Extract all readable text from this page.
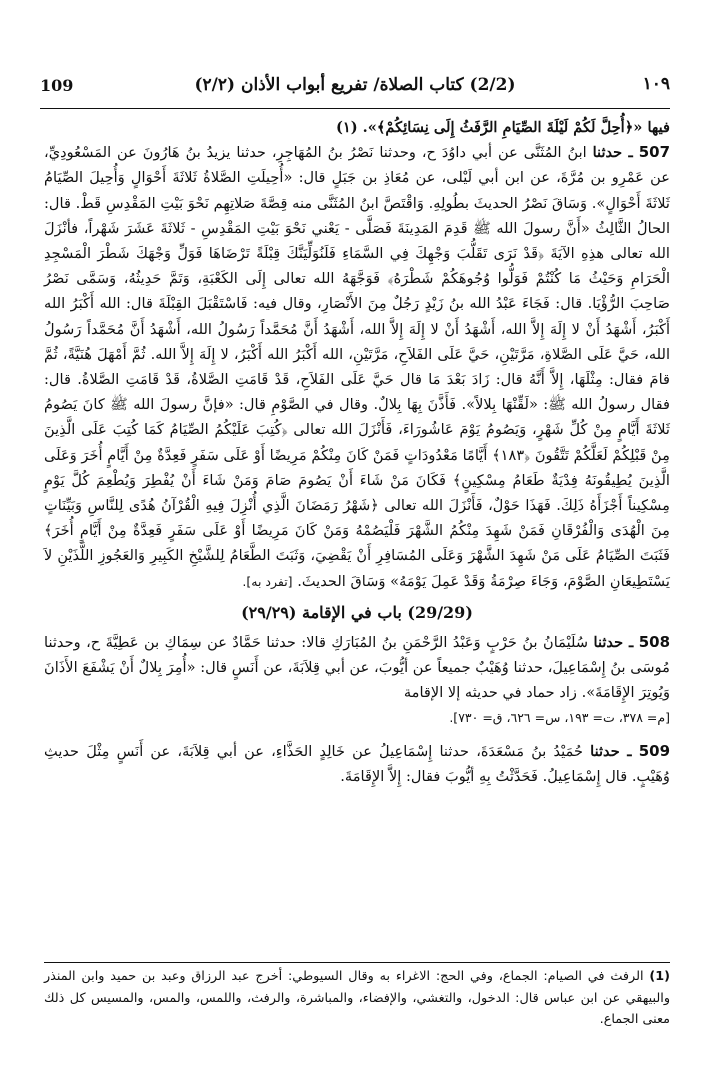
109	(2/2) كتاب الصلاة/ تفريع أبواب الأذان (٢/٢)	١٠٩

فيها «﴿أُحِلَّ لَكُمْ لَيْلَةَ الصِّيَامِ الرَّفَثُ إِلَى نِسَائِكُمْ﴾». (١)

507 ـ حدثنا ابنُ المُثَنَّى عن أبي داوُدَ ح، وحدثنا نَصْرُ بنُ المُهَاجِرِ، حدثنا يزيدُ بنُ هَارُونَ عن المَسْعُودِيِّ، عن عَمْرِو بن مُرَّةَ، عن ابن أبي لَيْلى، عن مُعَاذِ بن جَبَلٍ قال: «أُحِيلَتِ الصَّلاةُ ثَلاثَةَ أَحْوَالٍ وَأُحِيلَ الصِّيَامُ ثَلاثَةَ أَحْوَالٍ». وَسَاقَ نَصْرُ الحديثَ بطُولِهِ. وَاقْتَصَّ ابنُ المُثَنَّى منه قِصَّةَ صَلاتِهِم نَحْوَ بَيْتِ المَقْدِسِ قَطْ. قال: الحالُ الثَّالِثُ «أَنَّ رسولَ الله ﷺ قَدِمَ المَدِينَةَ فَصَلَّى - يَعْني نَحْوَ بَيْتِ المَقْدِسِ - ثَلاثَةَ عَشَرَ شَهْراً، فأنْزَلَ الله تعالى هذِهِ الآيَةَ ﴿قَدْ نَرَى تَقَلُّبَ وَجْهِكَ فِي السَّمَاءِ فَلَنُوَلِّيَنَّكَ قِبْلَةً تَرْضَاهَا فَوَلِّ وَجْهَكَ شَطْرَ الْمَسْجِدِ الْحَرَامِ وَحَيْثُ مَا كُنْتُمْ فَوَلُّوا وُجُوهَكُمْ شَطْرَهُ﴾ فَوَجَّهَهُ الله تعالى إِلَى الكَعْبَةِ، وَتَمَّ حَدِيثُهُ، وَسَمَّى نَصْرُ صَاحِبَ الرُّؤْيَا. قال: فَجَاءَ عَبْدُ الله بنُ زَيْدٍ رَجُلٌ مِنَ الأَنْصَارِ، وقال فيه: فَاسْتَقْبَلَ القِبْلَةَ قال: الله أَكْبَرُ الله أَكْبَرُ، أَشْهَدُ أَنْ لا إِلَهَ إِلاَّ الله، أَشْهَدُ أَنْ لا إِلَهَ إِلاَّ الله، أَشْهَدُ أَنَّ مُحَمَّداً رَسُولُ الله، أَشْهَدُ أَنَّ مُحَمَّداً رَسُولُ الله، حَيَّ عَلَى الصَّلاةِ، مَرَّتَيْنِ، حَيَّ عَلَى الفَلاَحِ، مَرَّتَيْنِ، الله أَكْبَرُ الله أَكْبَرُ، لا إِلَهَ إِلاَّ الله. ثُمَّ أَمْهَلَ هُنَيَّةً، ثُمَّ قامَ فقال: مِثْلَهَا، إِلاَّ أَنَّهُ قال: زَادَ بَعْدَ مَا قال حَيَّ عَلَى الفَلاَحِ، قَدْ قَامَتِ الصَّلاةُ، قَدْ قَامَتِ الصَّلاةُ. قال: فقال رسولُ الله ﷺ: «لَقِّنْهَا بِلالاً». فَأَذَّنَ بِهَا بِلالٌ. وقال في الصَّوْمِ قال: «فإنَّ رسولَ الله ﷺ كانَ يَصُومُ ثَلاثَةَ أَيَّامٍ مِنْ كُلِّ شَهْرٍ، وَيَصُومُ يَوْمَ عَاشُورَاءَ، فَأَنْزَلَ الله تعالى ﴿كُتِبَ عَلَيْكُمُ الصِّيَامُ كَمَا كُتِبَ عَلَى الَّذِينَ مِنْ قَبْلِكُمْ لَعَلَّكُمْ تَتَّقُونَ ﴿١٨٣﴾ أَيَّامًا مَعْدُودَاتٍ فَمَنْ كَانَ مِنْكُمْ مَرِيضًا أَوْ عَلَى سَفَرٍ فَعِدَّةٌ مِنْ أَيَّامٍ أُخَرَ وَعَلَى الَّذِينَ يُطِيقُونَهُ فِدْيَةٌ طَعَامُ مِسْكِينٍ﴾ فَكَانَ مَنْ شَاءَ أَنْ يَصُومَ صَامَ وَمَنْ شَاءَ أَنْ يُفْطِرَ وَيُطْعِمَ كُلَّ يَوْمٍ مِسْكِيناً أَجْزَأَهُ ذَلِكَ. فَهَذَا حَوْلٌ، فَأَنْزَلَ الله تعالى ﴿شَهْرُ رَمَضَانَ الَّذِي أُنْزِلَ فِيهِ الْقُرْآنُ هُدًى لِلنَّاسِ وَبَيِّنَاتٍ مِنَ الْهُدَى وَالْفُرْقَانِ فَمَنْ شَهِدَ مِنْكُمُ الشَّهْرَ فَلْيَصُمْهُ وَمَنْ كَانَ مَرِيضًا أَوْ عَلَى سَفَرٍ فَعِدَّةٌ مِنْ أَيَّامٍ أُخَرَ﴾ فَثَبَتَ الصِّيَامُ عَلَى مَنْ شَهِدَ الشَّهْرَ وَعَلَى المُسَافِرِ أَنْ يَقْضِيَ، وَثَبَتَ الطَّعَامُ لِلشَّيْخِ الكَبِيرِ وَالعَجُوزِ اللَّذَيْنِ لاَ يَسْتَطِيعَانِ الصَّوْمَ، وَجَاءَ صِرْمَةُ وَقَدْ عَمِلَ يَوْمَهُ» وَسَاقَ الحديثَ. [تفرد به].

(29/29) باب في الإقامة (٢٩/٢٩)

508 ـ حدثنا سُلَيْمَانُ بنُ حَرْبٍ وَعَبْدُ الرَّحْمَنِ بنُ المُبَارَكِ قالا: حدثنا حَمَّادٌ عن سِمَاكِ بن عَطِيَّةَ ح، وحدثنا مُوسَى بنُ إِسْمَاعِيلَ، حدثنا وُهَيْبٌ جميعاً عن أيُّوبَ، عن أبي قِلاَبَةَ، عن أَنَسٍ قال: «أُمِرَ بِلالٌ أَنْ يَشْفَعَ الأَذَانَ وَيُوتِرَ الإِقَامَةَ». زاد حماد في حديثه إلا الإقامة

[م= ٣٧٨، ت= ١٩٣، س= ٦٢٦، ق= ٧٣٠].

509 ـ حدثنا حُمَيْدُ بنُ مَسْعَدَةَ، حدثنا إِسْمَاعِيلُ عن خَالِدٍ الحَذَّاءِ، عن أبي قِلاَبَةَ، عن أَنَسٍ مِثْلَ حديثِ وُهَيْبٍ. قال إِسْمَاعِيلُ. فَحَدَّثْتُ بِهِ أيُّوبَ فقال: إِلاَّ الإِقَامَةَ.

(1) الرفث في الصيام: الجماع، وفي الحج: الاغراء به وقال السيوطي: أخرج عبد الرزاق وعبد بن حميد وابن المنذر والبيهقي عن ابن عباس قال: الدخول، والتغشي، والإفضاء، والمباشرة، والرفث، واللمس، والمس، والمسيس كل ذلك معنى الجماع.
